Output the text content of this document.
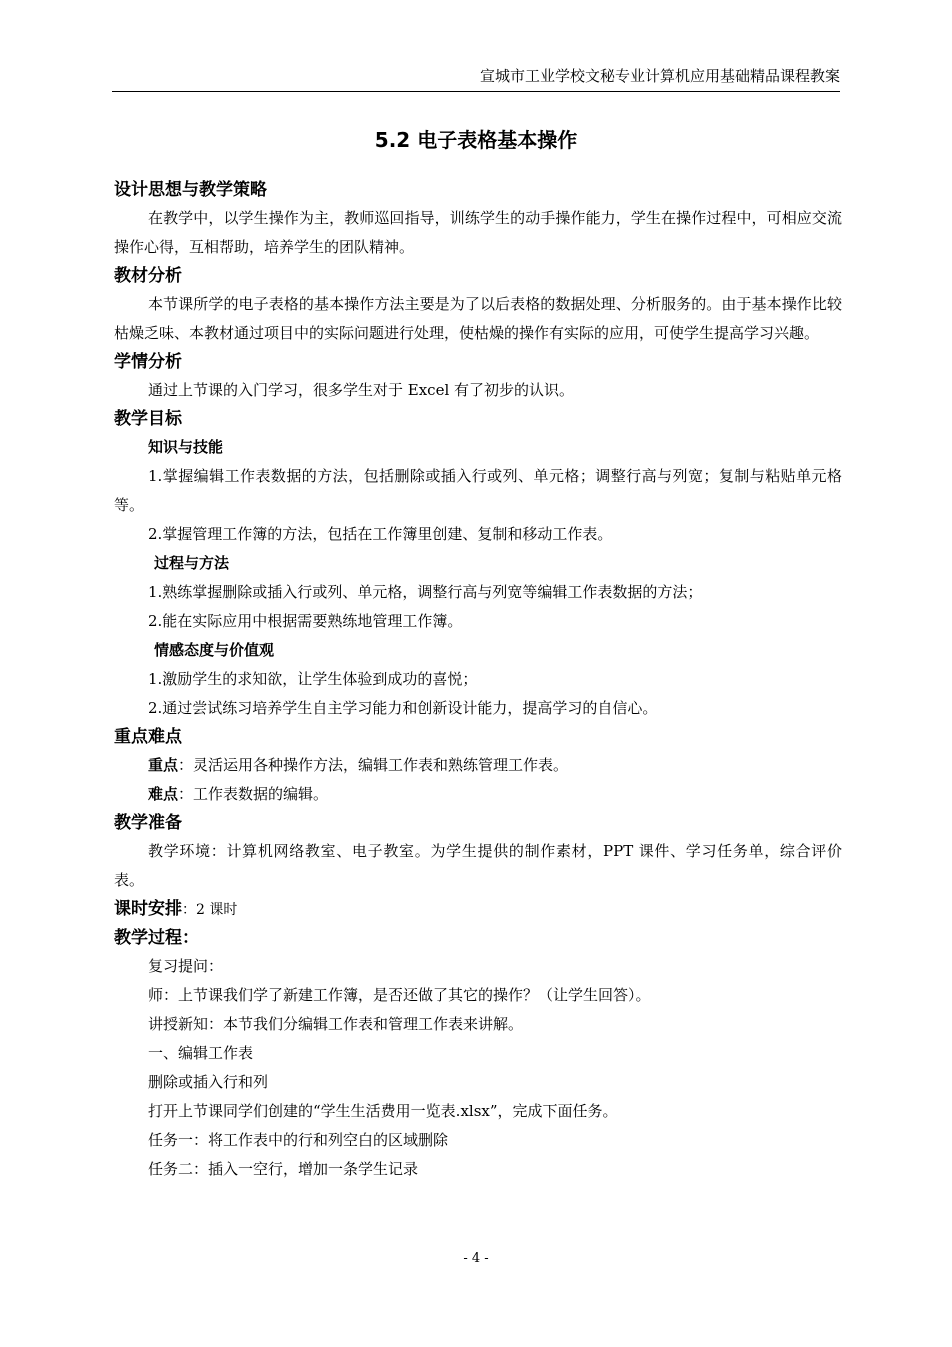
宣城市工业学校文秘专业计算机应用基础精品课程教案
5.2 电子表格基本操作

设计思想与教学策略

在教学中，以学生操作为主，教师巡回指导，训练学生的动手操作能力，学生在操作过程中，可相应交流操作心得，互相帮助，培养学生的团队精神。

教材分析

本节课所学的电子表格的基本操作方法主要是为了以后表格的数据处理、分析服务的。由于基本操作比较枯燥乏味、本教材通过项目中的实际问题进行处理，使枯燥的操作有实际的应用，可使学生提高学习兴趣。

学情分析

通过上节课的入门学习，很多学生对于 Excel 有了初步的认识。

教学目标

知识与技能

1.掌握编辑工作表数据的方法，包括删除或插入行或列、单元格；调整行高与列宽；复制与粘贴单元格等。

2.掌握管理工作簿的方法，包括在工作簿里创建、复制和移动工作表。

过程与方法

1.熟练掌握删除或插入行或列、单元格，调整行高与列宽等编辑工作表数据的方法；

2.能在实际应用中根据需要熟练地管理工作簿。

情感态度与价值观

1.激励学生的求知欲，让学生体验到成功的喜悦；

2.通过尝试练习培养学生自主学习能力和创新设计能力，提高学习的自信心。

重点难点

重点：灵活运用各种操作方法，编辑工作表和熟练管理工作表。

难点：工作表数据的编辑。

教学准备

教学环境：计算机网络教室、电子教室。为学生提供的制作素材，PPT 课件、学习任务单，综合评价表。

课时安排：2 课时

教学过程：

复习提问：

师：上节课我们学了新建工作簿，是否还做了其它的操作？（让学生回答）。

讲授新知：本节我们分编辑工作表和管理工作表来讲解。

一、编辑工作表

删除或插入行和列

打开上节课同学们创建的“学生生活费用一览表.xlsx”，完成下面任务。

任务一：将工作表中的行和列空白的区域删除

任务二：插入一空行，增加一条学生记录

- 4 -
